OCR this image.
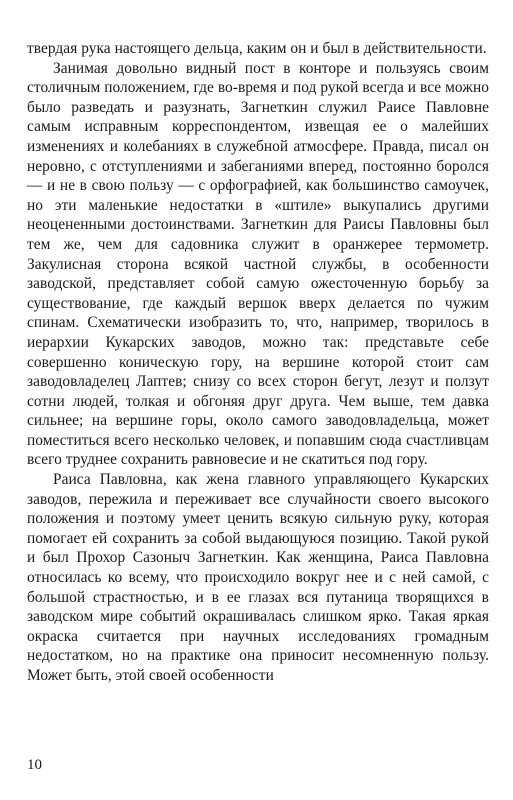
твердая рука настоящего дельца, каким он и был в действительности.

Занимая довольно видный пост в конторе и пользуясь своим столичным положением, где во-время и под рукой всегда и все можно было разведать и разузнать, Загнеткин служил Раисе Павловне самым исправным корреспондентом, извещая ее о малейших изменениях и колебаниях в служебной атмосфере. Правда, писал он неровно, с отступлениями и забеганиями вперед, постоянно боролся — и не в свою пользу — с орфографией, как большинство самоучек, но эти маленькие недостатки в «штиле» выкупались другими неоцененными достоинствами. Загнеткин для Раисы Павловны был тем же, чем для садовника служит в оранжерее термометр. Закулисная сторона всякой частной службы, в особенности заводской, представляет собой самую ожесточенную борьбу за существование, где каждый вершок вверх делается по чужим спинам. Схематически изобразить то, что, например, творилось в иерархии Кукарских заводов, можно так: представьте себе совершенно коническую гору, на вершине которой стоит сам заводовладелец Лаптев; снизу со всех сторон бегут, лезут и ползут сотни людей, толкая и обгоняя друг друга. Чем выше, тем давка сильнее; на вершине горы, около самого заводовладельца, может поместиться всего несколько человек, и попавшим сюда счастливцам всего труднее сохранить равновесие и не скатиться под гору.

Раиса Павловна, как жена главного управляющего Кукарских заводов, пережила и переживает все случайности своего высокого положения и поэтому умеет ценить всякую сильную руку, которая помогает ей сохранить за собой выдающуюся позицию. Такой рукой и был Прохор Сазоныч Загнеткин. Как женщина, Раиса Павловна относилась ко всему, что происходило вокруг нее и с ней самой, с большой страстностью, и в ее глазах вся путаница творящихся в заводском мире событий окрашивалась слишком ярко. Такая яркая окраска считается при научных исследованиях громадным недостатком, но на практике она приносит несомненную пользу. Может быть, этой своей особенности

10
